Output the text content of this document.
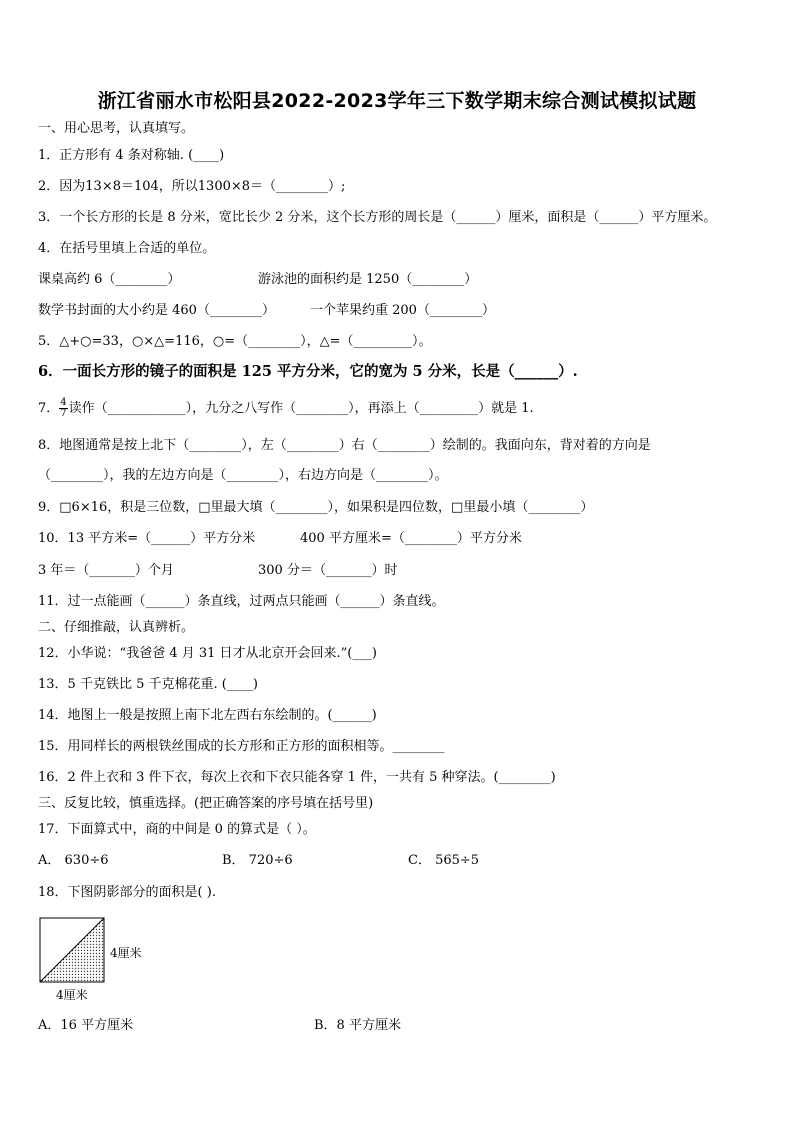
浙江省丽水市松阳县2022-2023学年三下数学期末综合测试模拟试题
一、用心思考，认真填写。
1．正方形有 4 条对称轴. (____)
2．因为13×8＝104，所以1300×8＝（________）;
3．一个长方形的长是 8 分米，宽比长少 2 分米，这个长方形的周长是（______）厘米，面积是（______）平方厘米。
4．在括号里填上合适的单位。
课桌高约 6（________）	游泳池的面积约是 1250（________）
数学书封面的大小约是 460（________）	一个苹果约重 200（________）
5．△+○=33，○×△=116，○=（________），△=（_________）。
6．一面长方形的镜子的面积是 125 平方分米，它的宽为 5 分米，长是（______）.
7． $\frac{4}{7}$ 读作（____________），九分之八写作（________），再添上（_________）就是 1.
8．地图通常是按上北下（________），左（________）右（________）绘制的。我面向东，背对着的方向是
（________），我的左边方向是（________），右边方向是（________）。
9．□6×16，积是三位数，□里最大填（________），如果积是四位数，□里最小填（________）
10．13 平方米=（______）平方分米	400 平方厘米=（________）平方分米
3 年＝（_______）个月	300 分＝（_______）时
11．过一点能画（______）条直线，过两点只能画（______）条直线。
二、仔细推敲，认真辨析。
12．小华说：“我爸爸 4 月 31 日才从北京开会回来.”(___)
13．5 千克铁比 5 千克棉花重. (____)
14．地图上一般是按照上南下北左西右东绘制的。(______)
15．用同样长的两根铁丝围成的长方形和正方形的面积相等。________
16．2 件上衣和 3 件下衣，每次上衣和下衣只能各穿 1 件，一共有 5 种穿法。(________)
三、反复比较，慎重选择。(把正确答案的序号填在括号里)
17．下面算式中，商的中间是 0 的算式是（ ）。
A． 630÷6	B． 720÷6	C． 565÷5
18．下图阴影部分的面积是( ).
4厘米
4厘米
A．16 平方厘米	B．8 平方厘米
